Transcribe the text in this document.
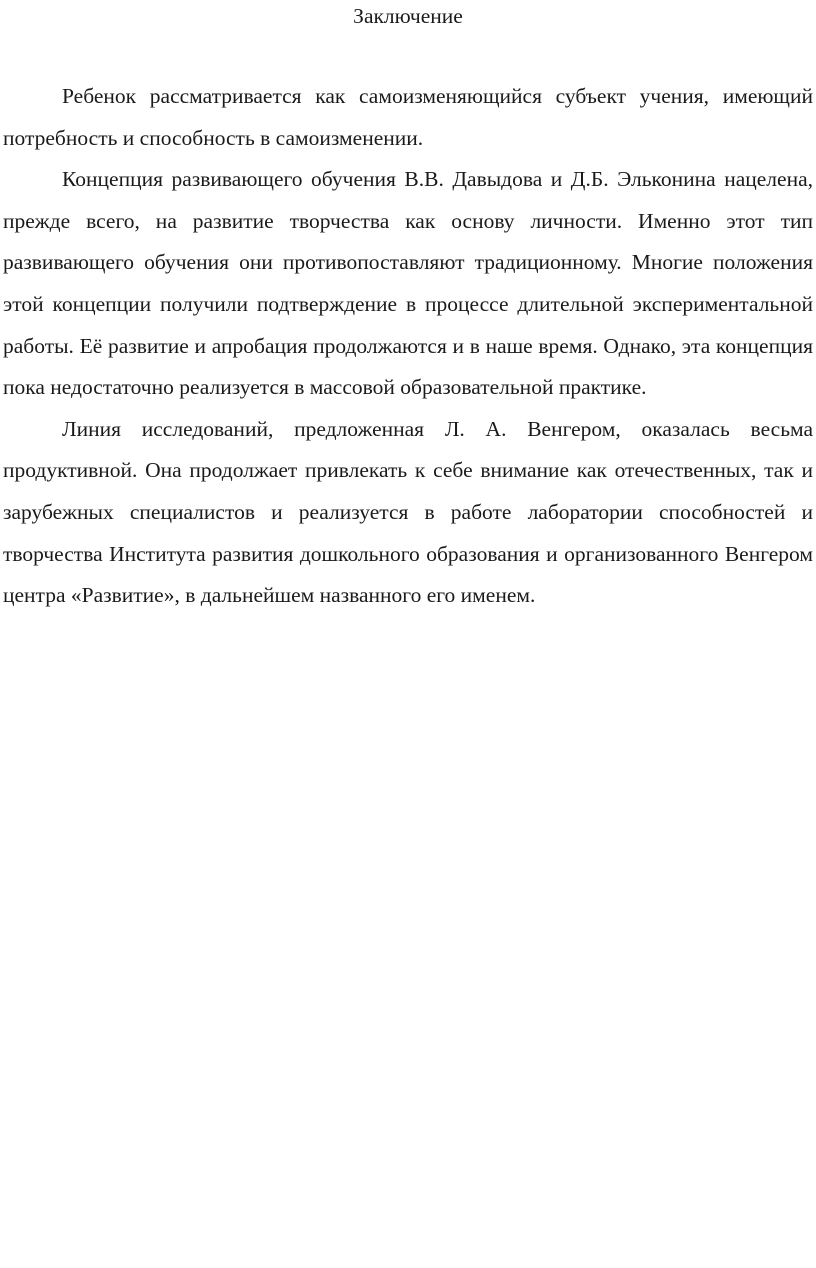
Заключение

Ребенок рассматривается как самоизменяющийся субъект учения, имеющий потребность и способность в самоизменении.

Концепция развивающего обучения В.В. Давыдова и Д.Б. Эльконина нацелена, прежде всего, на развитие творчества как основу личности. Именно этот тип развивающего обучения они противопоставляют традиционному. Многие положения этой концепции получили подтверждение в процессе длительной экспериментальной работы. Её развитие и апробация продолжаются и в наше время. Однако, эта концепция пока недостаточно реализуется в массовой образовательной практике.

Линия исследований, предложенная Л. А. Венгером, оказалась весьма продуктивной. Она продолжает привлекать к себе внимание как отечественных, так и зарубежных специалистов и реализуется в работе лаборатории способностей и творчества Института развития дошкольного образования и организованного Венгером центра «Развитие», в дальнейшем названного его именем.
